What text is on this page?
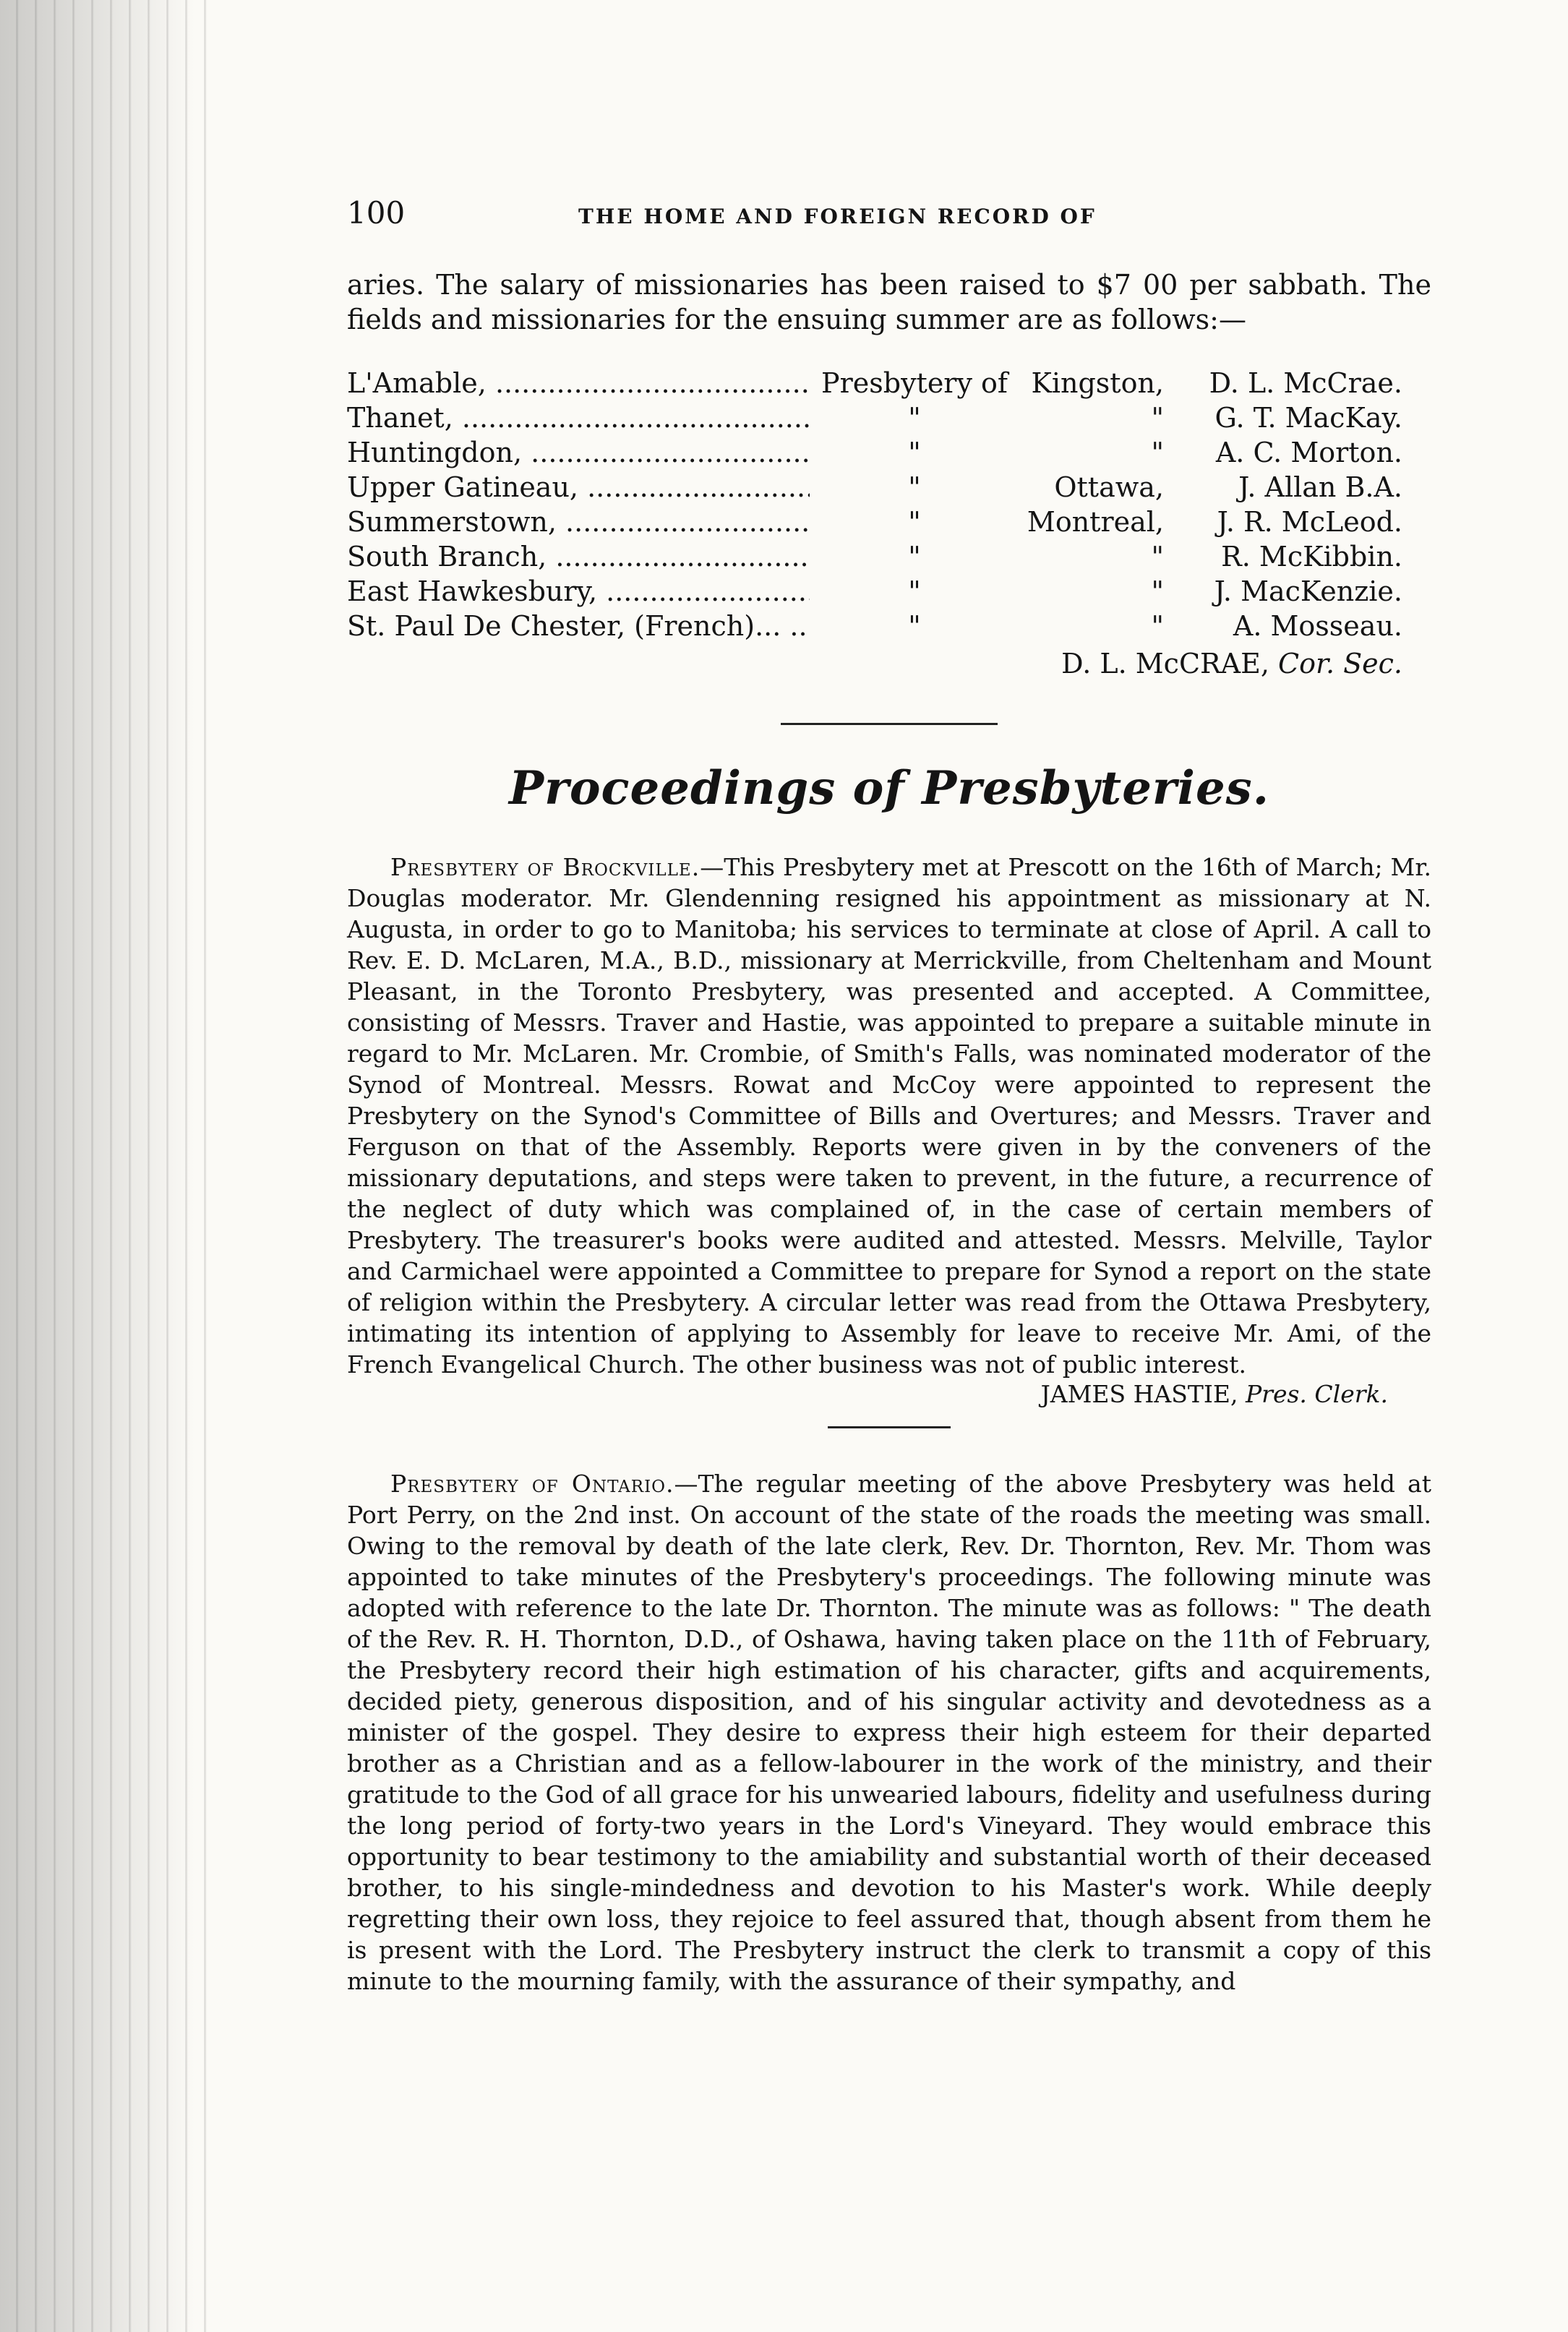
100	THE HOME AND FOREIGN RECORD OF

aries. The salary of missionaries has been raised to $7 00 per sabbath. The fields and missionaries for the ensuing summer are as follows:—

L'Amable, .....	Presbytery of Kingston,	D. L. McCrae.
Thanet, .....	"	"	G. T. MacKay.
Huntingdon, .....	"	"	A. C. Morton.
Upper Gatineau, .....	"	Ottawa,	J. Allan B.A.
Summerstown, .....	"	Montreal,	J. R. McLeod.
South Branch, .....	"	"	R. McKibbin.
East Hawkesbury, .....	"	"	J. MacKenzie.
St. Paul De Chester, (French)... .....	"	"	A. Mosseau.
D. L. McCRAE, Cor. Sec.
Proceedings of Presbyteries.

Presbytery of Brockville.—This Presbytery met at Prescott on the 16th of March; Mr. Douglas moderator. Mr. Glendenning resigned his appointment as missionary at N. Augusta, in order to go to Manitoba; his services to terminate at close of April. A call to Rev. E. D. McLaren, M.A., B.D., missionary at Merrickville, from Cheltenham and Mount Pleasant, in the Toronto Presbytery, was presented and accepted. A Committee, consisting of Messrs. Traver and Hastie, was appointed to prepare a suitable minute in regard to Mr. McLaren. Mr. Crombie, of Smith's Falls, was nominated moderator of the Synod of Montreal. Messrs. Rowat and McCoy were appointed to represent the Presbytery on the Synod's Committee of Bills and Overtures; and Messrs. Traver and Ferguson on that of the Assembly. Reports were given in by the conveners of the missionary deputations, and steps were taken to prevent, in the future, a recurrence of the neglect of duty which was complained of, in the case of certain members of Presbytery. The treasurer's books were audited and attested. Messrs. Melville, Taylor and Carmichael were appointed a Committee to prepare for Synod a report on the state of religion within the Presbytery. A circular letter was read from the Ottawa Presbytery, intimating its intention of applying to Assembly for leave to receive Mr. Ami, of the French Evangelical Church. The other business was not of public interest.

JAMES HASTIE, Pres. Clerk.

Presbytery of Ontario.—The regular meeting of the above Presbytery was held at Port Perry, on the 2nd inst. On account of the state of the roads the meeting was small. Owing to the removal by death of the late clerk, Rev. Dr. Thornton, Rev. Mr. Thom was appointed to take minutes of the Presbytery's proceedings. The following minute was adopted with reference to the late Dr. Thornton. The minute was as follows: " The death of the Rev. R. H. Thornton, D.D., of Oshawa, having taken place on the 11th of February, the Presbytery record their high estimation of his character, gifts and acquirements, decided piety, generous disposition, and of his singular activity and devotedness as a minister of the gospel. They desire to express their high esteem for their departed brother as a Christian and as a fellow-labourer in the work of the ministry, and their gratitude to the God of all grace for his unwearied labours, fidelity and usefulness during the long period of forty-two years in the Lord's Vineyard. They would embrace this opportunity to bear testimony to the amiability and substantial worth of their deceased brother, to his single-mindedness and devotion to his Master's work. While deeply regretting their own loss, they rejoice to feel assured that, though absent from them he is present with the Lord. The Presbytery instruct the clerk to transmit a copy of this minute to the mourning family, with the assurance of their sympathy, and
